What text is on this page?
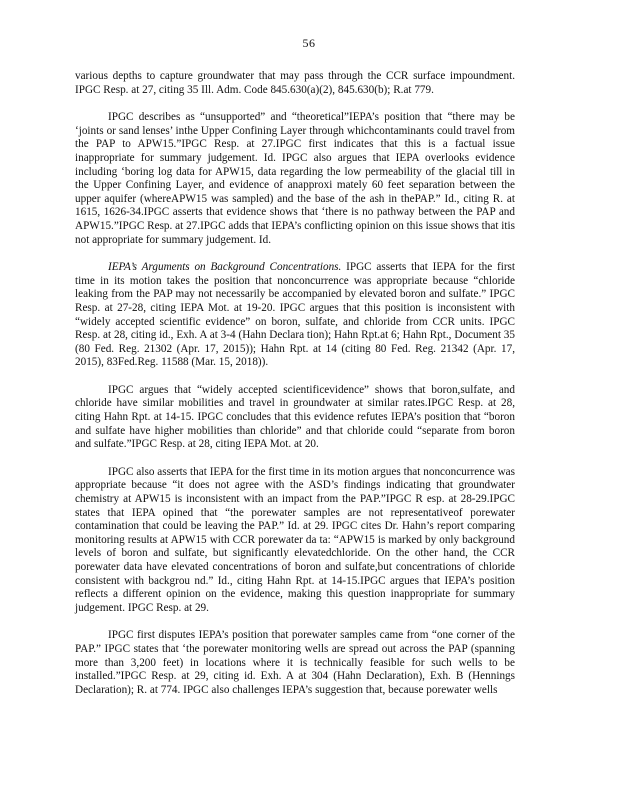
56

various depths to capture groundwater that may pass through the CCR surface impoundment. IPGC Resp. at 27, citing 35 Ill. Adm. Code 845.630(a)(2), 845.630(b); R.at 779.

IPGC describes as “unsupported” and “theoretical”IEPA’s position that “there may be ‘joints or sand lenses’ inthe Upper Confining Layer through whichcontaminants could travel from the PAP to APW15.”IPGC Resp. at 27.IPGC first indicates that this is a factual issue inappropriate for summary judgement. Id. IPGC also argues that IEPA overlooks evidence including ‘boring log data for APW15, data regarding the low permeability of the glacial till in the Upper Confining Layer, and evidence of anapproxi mately 60 feet separation between the upper aquifer (whereAPW15 was sampled) and the base of the ash in thePAP.” Id., citing R. at 1615, 1626-34.IPGC asserts that evidence shows that ‘there is no pathway between the PAP and APW15.”IPGC Resp. at 27.IPGC adds that IEPA’s conflicting opinion on this issue shows that itis not appropriate for summary judgement. Id.

IEPA’s Arguments on Background Concentrations. IPGC asserts that IEPA for the first time in its motion takes the position that nonconcurrence was appropriate because “chloride leaking from the PAP may not necessarily be accompanied by elevated boron and sulfate.” IPGC Resp. at 27-28, citing IEPA Mot. at 19-20. IPGC argues that this position is inconsistent with “widely accepted scientific evidence” on boron, sulfate, and chloride from CCR units. IPGC Resp. at 28, citing id., Exh. A at 3-4 (Hahn Declara tion); Hahn Rpt.at 6; Hahn Rpt., Document 35 (80 Fed. Reg. 21302 (Apr. 17, 2015)); Hahn Rpt. at 14 (citing 80 Fed. Reg. 21342 (Apr. 17, 2015), 83Fed.Reg. 11588 (Mar. 15, 2018)).

IPGC argues that “widely accepted scientificevidence” shows that boron,sulfate, and chloride have similar mobilities and travel in groundwater at similar rates.IPGC Resp. at 28, citing Hahn Rpt. at 14-15. IPGC concludes that this evidence refutes IEPA’s position that “boron and sulfate have higher mobilities than chloride” and that chloride could “separate from boron and sulfate.”IPGC Resp. at 28, citing IEPA Mot. at 20.

IPGC also asserts that IEPA for the first time in its motion argues that nonconcurrence was appropriate because “it does not agree with the ASD’s findings indicating that groundwater chemistry at APW15 is inconsistent with an impact from the PAP.”IPGC R esp. at 28-29.IPGC states that IEPA opined that “the porewater samples are not representativeof porewater contamination that could be leaving the PAP.” Id. at 29. IPGC cites Dr. Hahn’s report comparing monitoring results at APW15 with CCR porewater da ta: “APW15 is marked by only background levels of boron and sulfate, but significantly elevatedchloride. On the other hand, the CCR porewater data have elevated concentrations of boron and sulfate,but concentrations of chloride consistent with backgrou nd.” Id., citing Hahn Rpt. at 14-15.IPGC argues that IEPA’s position reflects a different opinion on the evidence, making this question inappropriate for summary judgement. IPGC Resp. at 29.

IPGC first disputes IEPA’s position that porewater samples came from “one corner of the PAP.” IPGC states that ‘the porewater monitoring wells are spread out across the PAP (spanning more than 3,200 feet) in locations where it is technically feasible for such wells to be installed.”IPGC Resp. at 29, citing id. Exh. A at 304 (Hahn Declaration), Exh. B (Hennings Declaration); R. at 774. IPGC also challenges IEPA’s suggestion that, because porewater wells
